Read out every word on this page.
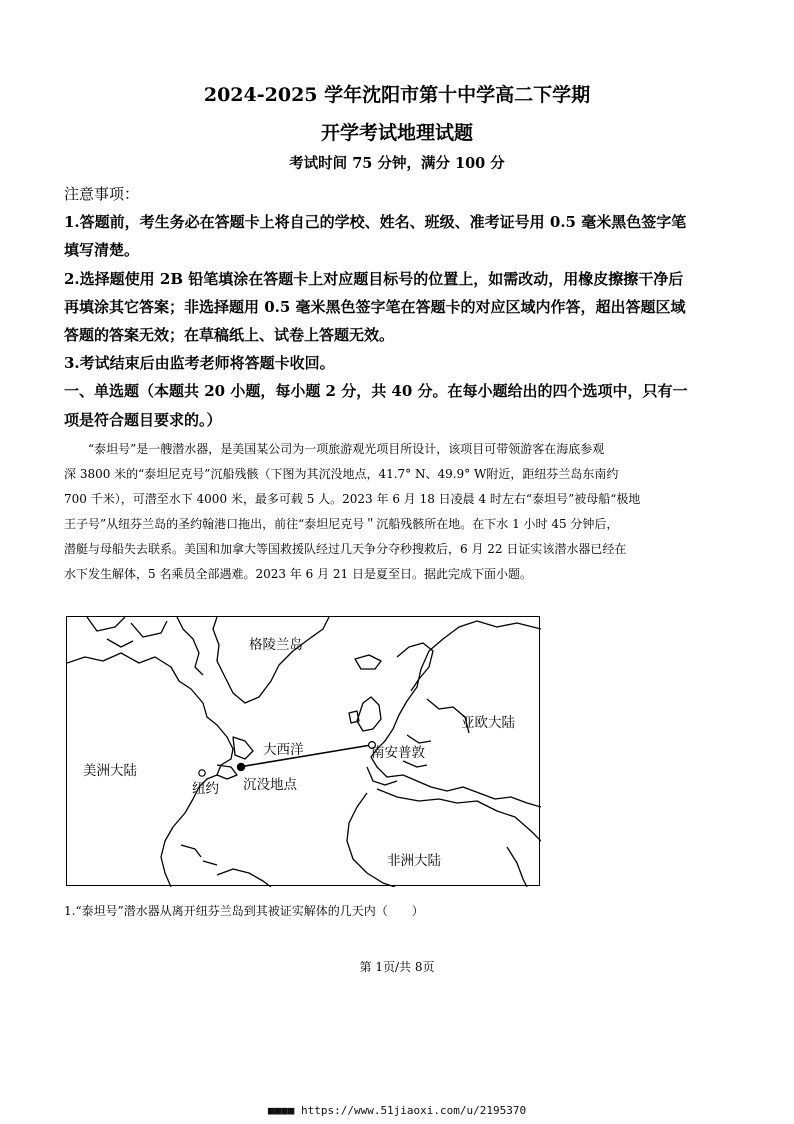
2024-2025 学年沈阳市第十中学高二下学期
开学考试地理试题
考试时间 75 分钟，满分 100 分
注意事项：
1.答题前，考生务必在答题卡上将自己的学校、姓名、班级、准考证号用 0.5 毫米黑色签字笔
填写清楚。
2.选择题使用 2B 铅笔填涂在答题卡上对应题目标号的位置上，如需改动，用橡皮擦擦干净后
再填涂其它答案；非选择题用 0.5 毫米黑色签字笔在答题卡的对应区域内作答，超出答题区域
答题的答案无效；在草稿纸上、试卷上答题无效。
3.考试结束后由监考老师将答题卡收回。
一、单选题（本题共 20 小题，每小题 2 分，共 40 分。在每小题给出的四个选项中，只有一
项是符合题目要求的。）
“泰坦号”是一艘潜水器，是美国某公司为一项旅游观光项目所设计，该项目可带领游客在海底参观
深 3800 米的“泰坦尼克号”沉船残骸（下图为其沉没地点，41.7° N、49.9° W附近，距纽芬兰岛东南约
700 千米），可潜至水下 4000 米，最多可载 5 人。2023 年 6 月 18 日凌晨 4 时左右“泰坦号”被母船“极地
王子号”从纽芬兰岛的圣约翰港口拖出，前往“泰坦尼克号＂沉船残骸所在地。在下水 1 小时 45 分钟后，
潜艇与母船失去联系。美国和加拿大等国救援队经过几天争分夺秒搜救后，6 月 22 日证实该潜水器已经在
水下发生解体，5 名乘员全部遇难。2023 年 6 月 21 日是夏至日。据此完成下面小题。
格陵兰岛
美洲大陆
大西洋
亚欧大陆
南安普敦
纽约 沉没地点
非洲大陆
1.“泰坦号”潜水器从离开纽芬兰岛到其被证实解体的几天内（　　）
第 1页/共 8页
■■■■ https://www.51jiaoxi.com/u/2195370
